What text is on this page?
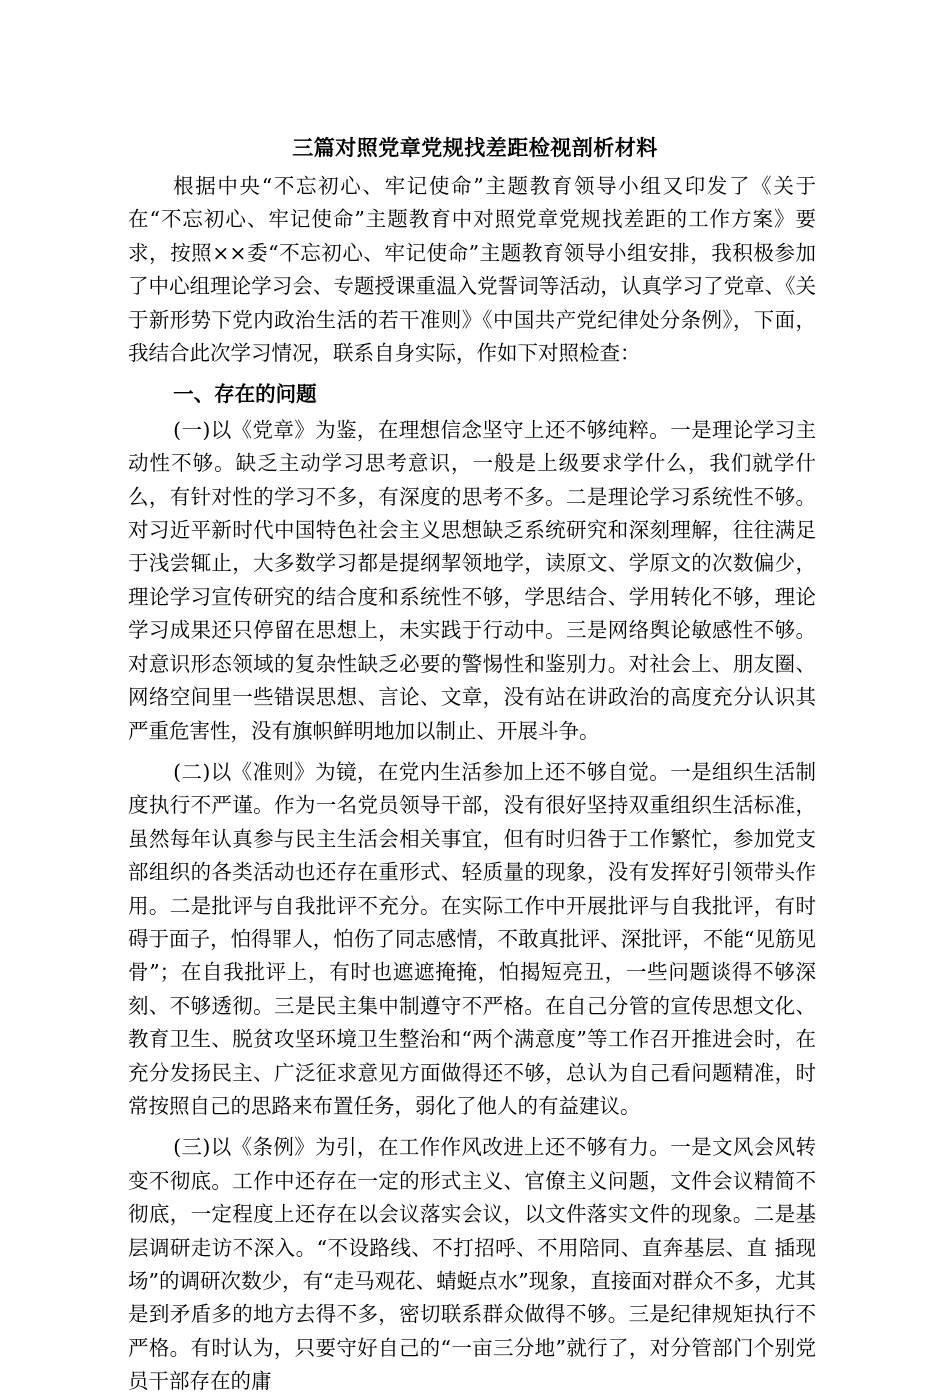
三篇对照党章党规找差距检视剖析材料

根据中央“不忘初心、牢记使命”主题教育领导小组又印发了《关于在“不忘初心、牢记使命”主题教育中对照党章党规找差距的工作方案》要求，按照××委“不忘初心、牢记使命”主题教育领导小组安排，我积极参加了中心组理论学习会、专题授课重温入党誓词等活动，认真学习了党章、《关于新形势下党内政治生活的若干准则》《中国共产党纪律处分条例》，下面，我结合此次学习情况，联系自身实际，作如下对照检查：

一、存在的问题

(一)以《党章》为鉴，在理想信念坚守上还不够纯粹。一是理论学习主动性不够。缺乏主动学习思考意识，一般是上级要求学什么，我们就学什么，有针对性的学习不多，有深度的思考不多。二是理论学习系统性不够。对习近平新时代中国特色社会主义思想缺乏系统研究和深刻理解，往往满足于浅尝辄止，大多数学习都是提纲挈领地学，读原文、学原文的次数偏少，理论学习宣传研究的结合度和系统性不够，学思结合、学用转化不够，理论学习成果还只停留在思想上，未实践于行动中。三是网络舆论敏感性不够。对意识形态领域的复杂性缺乏必要的警惕性和鉴别力。对社会上、朋友圈、网络空间里一些错误思想、言论、文章，没有站在讲政治的高度充分认识其严重危害性，没有旗帜鲜明地加以制止、开展斗争。

(二)以《准则》为镜，在党内生活参加上还不够自觉。一是组织生活制度执行不严谨。作为一名党员领导干部，没有很好坚持双重组织生活标准，虽然每年认真参与民主生活会相关事宜，但有时归咎于工作繁忙，参加党支部组织的各类活动也还存在重形式、轻质量的现象，没有发挥好引领带头作用。二是批评与自我批评不充分。在实际工作中开展批评与自我批评，有时碍于面子，怕得罪人，怕伤了同志感情，不敢真批评、深批评，不能“见筋见骨”；在自我批评上，有时也遮遮掩掩，怕揭短亮丑，一些问题谈得不够深刻、不够透彻。三是民主集中制遵守不严格。在自己分管的宣传思想文化、教育卫生、脱贫攻坚环境卫生整治和“两个满意度”等工作召开推进会时，在充分发扬民主、广泛征求意见方面做得还不够，总认为自己看问题精准，时常按照自己的思路来布置任务，弱化了他人的有益建议。

(三)以《条例》为引，在工作作风改进上还不够有力。一是文风会风转变不彻底。工作中还存在一定的形式主义、官僚主义问题，文件会议精简不彻底，一定程度上还存在以会议落实会议，以文件落实文件的现象。二是基层调研走访不深入。“不设路线、不打招呼、不用陪同、直奔基层、直 插现场”的调研次数少，有“走马观花、蜻蜓点水”现象，直接面对群众不多，尤其是到矛盾多的地方去得不多，密切联系群众做得不够。三是纪律规矩执行不严格。有时认为，只要守好自己的“一亩三分地”就行了，对分管部门个别党员干部存在的庸
